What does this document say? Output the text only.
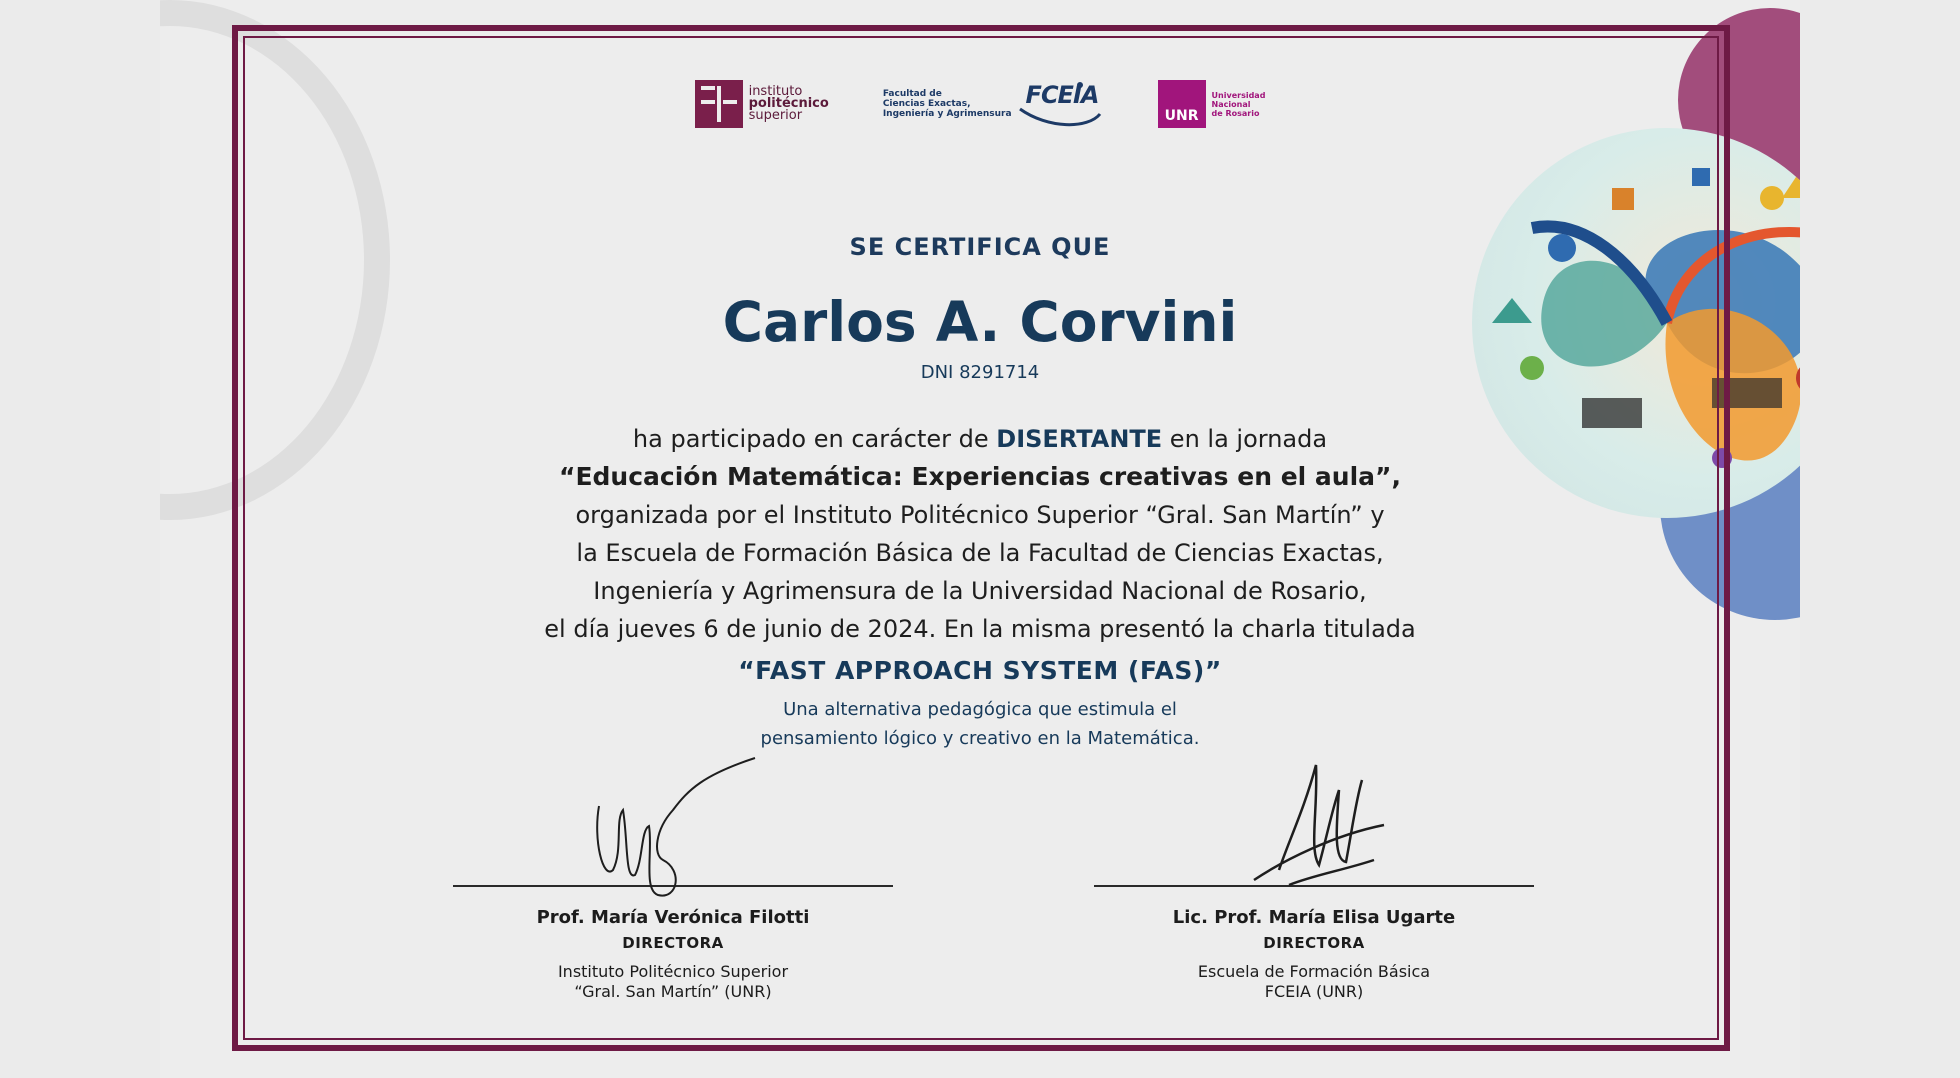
instituto
politécnico
superior
Facultad de
Ciencias Exactas,
Ingeniería y Agrimensura
FCEIA
UNR
Universidad
Nacional
de Rosario
SE CERTIFICA QUE
Carlos A. Corvini
DNI 8291714
ha participado en carácter de DISERTANTE en la jornada
“Educación Matemática: Experiencias creativas en el aula”,
organizada por el Instituto Politécnico Superior “Gral. San Martín” y
la Escuela de Formación Básica de la Facultad de Ciencias Exactas,
Ingeniería y Agrimensura de la Universidad Nacional de Rosario,
el día jueves 6 de junio de 2024. En la misma presentó la charla titulada
“FAST APPROACH SYSTEM (FAS)”
Una alternativa pedagógica que estimula el
pensamiento lógico y creativo en la Matemática.
Prof. María Verónica Filotti
DIRECTORA
Instituto Politécnico Superior
“Gral. San Martín” (UNR)
Lic. Prof. María Elisa Ugarte
DIRECTORA
Escuela de Formación Básica
FCEIA (UNR)
